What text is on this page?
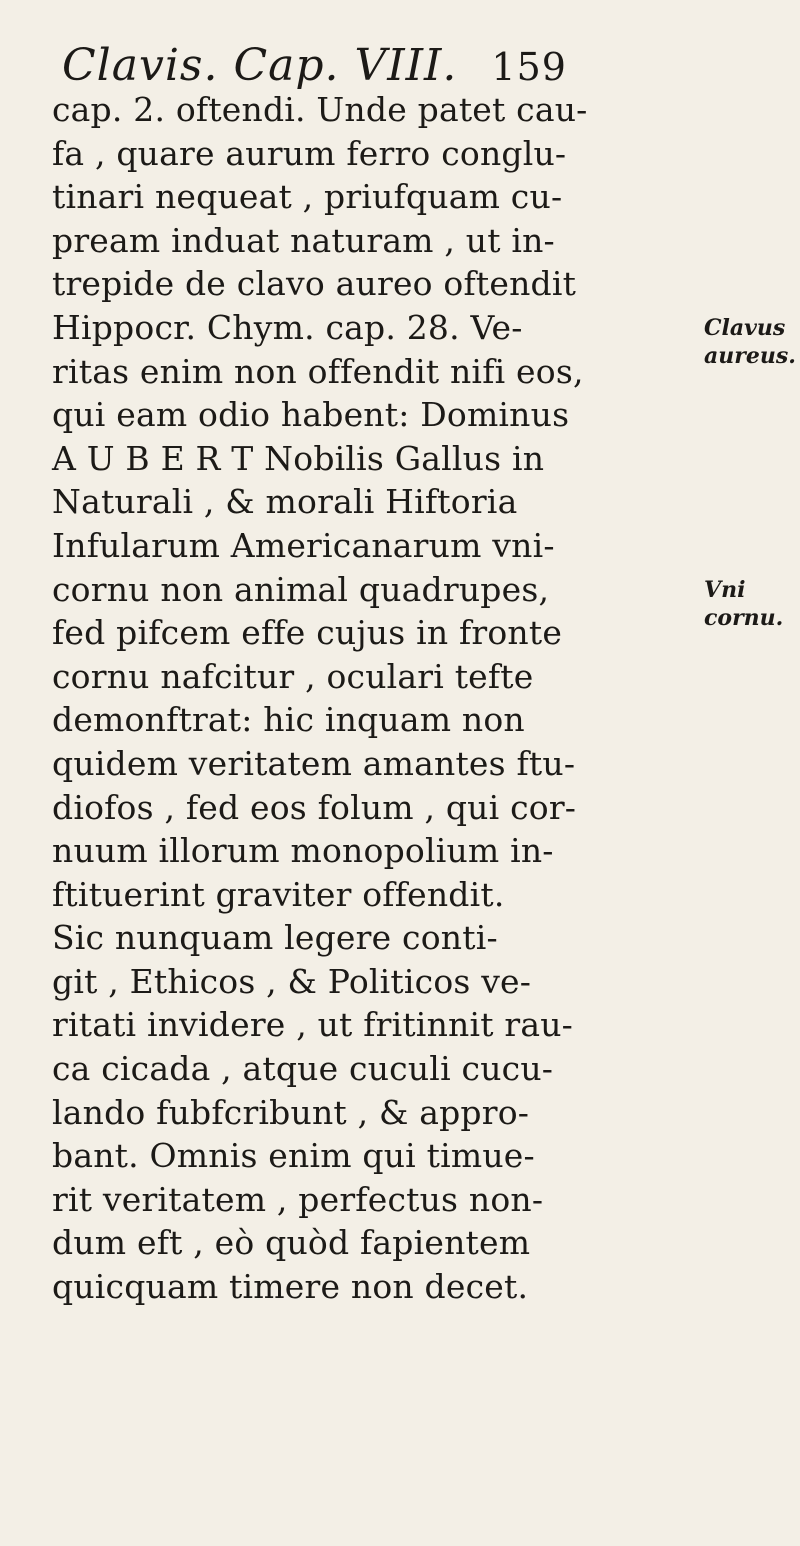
Clavis. Cap. VIII. 159
cap. 2. oftendi. Unde patet cau-
fa , quare aurum ferro conglu-
tinari nequeat , priufquam cu-
pream induat naturam , ut in-
trepide de clavo aureo oftendit
Hippocr. Chym. cap. 28. Ve-
ritas enim non offendit nifi eos,
qui eam odio habent: Dominus
A U B E R T Nobilis Gallus in
Naturali , & morali Hiftoria
Infularum Americanarum vni-
cornu non animal quadrupes,
fed pifcem effe cujus in fronte
cornu nafcitur , oculari tefte
demonftrat: hic inquam non
quidem veritatem amantes ftu-
diofos , fed eos folum , qui cor-
nuum illorum monopolium in-
ftituerint graviter offendit.
Sic nunquam legere conti-
git , Ethicos , & Politicos ve-
ritati invidere , ut fritinnit rau-
ca cicada , atque cuculi cucu-
lando fubfcribunt , & appro-
bant. Omnis enim qui timue-
rit veritatem , perfectus non-
dum eft , eò quòd fapientem
quicquam timere non decet.
Clavus
aureus.
Vni
cornu.
